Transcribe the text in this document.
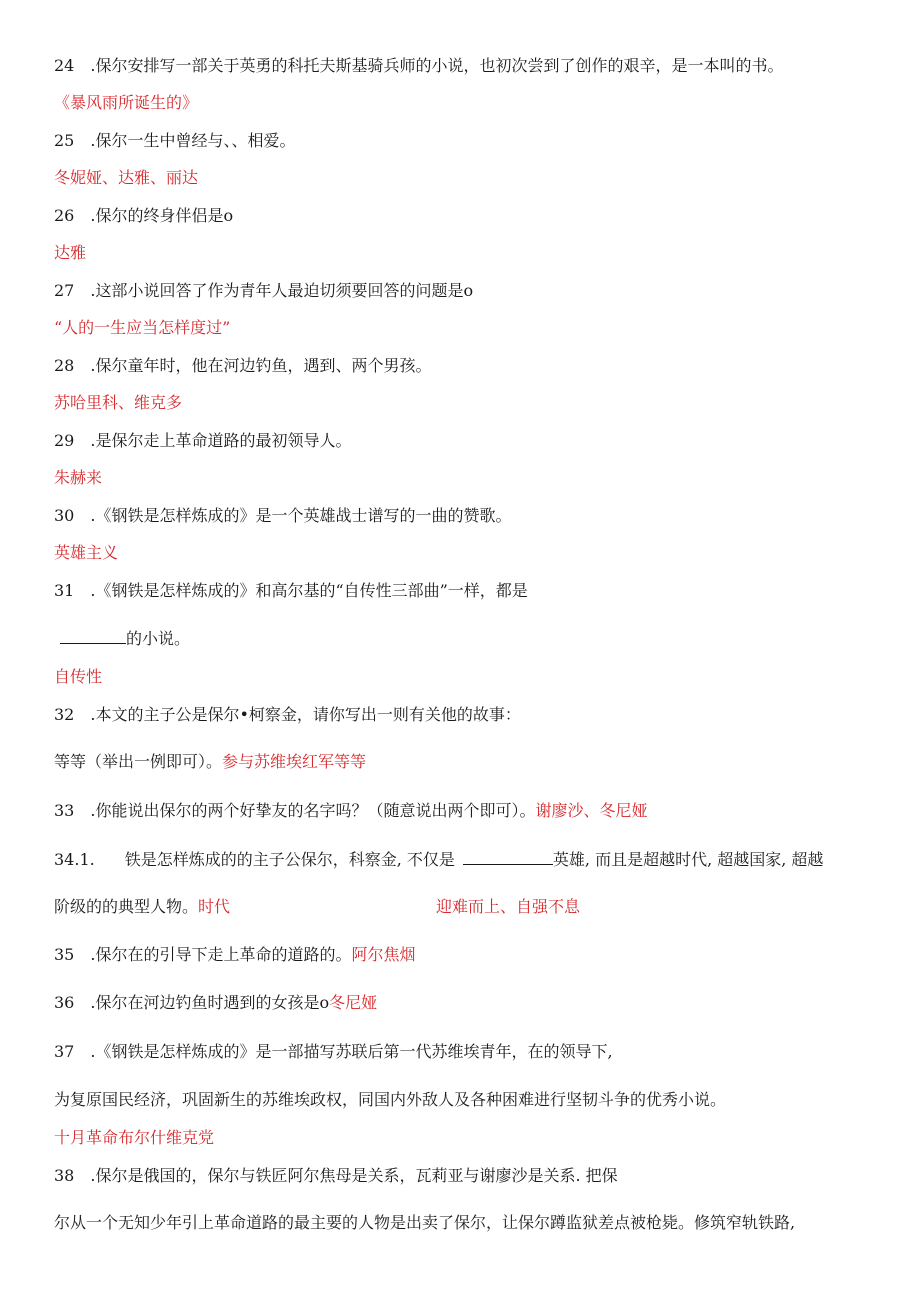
24　.保尔安排写一部关于英勇的科托夫斯基骑兵师的小说，也初次尝到了创作的艰辛，是一本叫的书。
《暴风雨所诞生的》
25　.保尔一生中曾经与、、相爱。
冬妮娅、达雅、丽达
26　.保尔的终身伴侣是o
达雅
27　.这部小说回答了作为青年人最迫切须要回答的问题是o
“人的一生应当怎样度过”
28　.保尔童年时，他在河边钓鱼，遇到、两个男孩。
苏哈里科、维克多
29　.是保尔走上革命道路的最初领导人。
朱赫来
30　.《钢铁是怎样炼成的》是一个英雄战士谱写的一曲的赞歌。
英雄主义
31　.《钢铁是怎样炼成的》和高尔基的“自传性三部曲”一样，都是
的小说。
自传性
32　.本文的主子公是保尔•柯察金，请你写出一则有关他的故事：
等等（举出一例即可）。参与苏维埃红军等等
33　.你能说出保尔的两个好挚友的名字吗？（随意说出两个即可）。谢廖沙、冬尼娅
34.1. 铁是怎样炼成的的主子公保尔，科察金, 不仅是	英雄, 而且是超越时代, 超越国家, 超越
阶级的的典型人物。时代	迎难而上、自强不息
35　.保尔在的引导下走上革命的道路的。阿尔焦烟
36　.保尔在河边钓鱼时遇到的女孩是o冬尼娅
37　.《钢铁是怎样炼成的》是一部描写苏联后第一代苏维埃青年，在的领导下,
为复原国民经济，巩固新生的苏维埃政权，同国内外敌人及各种困难进行坚韧斗争的优秀小说。
十月革命布尔什维克党
38　.保尔是俄国的，保尔与铁匠阿尔焦母是关系，瓦莉亚与谢廖沙是关系. 把保
尔从一个无知少年引上革命道路的最主要的人物是出卖了保尔，让保尔蹲监狱差点被枪毙。修筑窄轨铁路,
